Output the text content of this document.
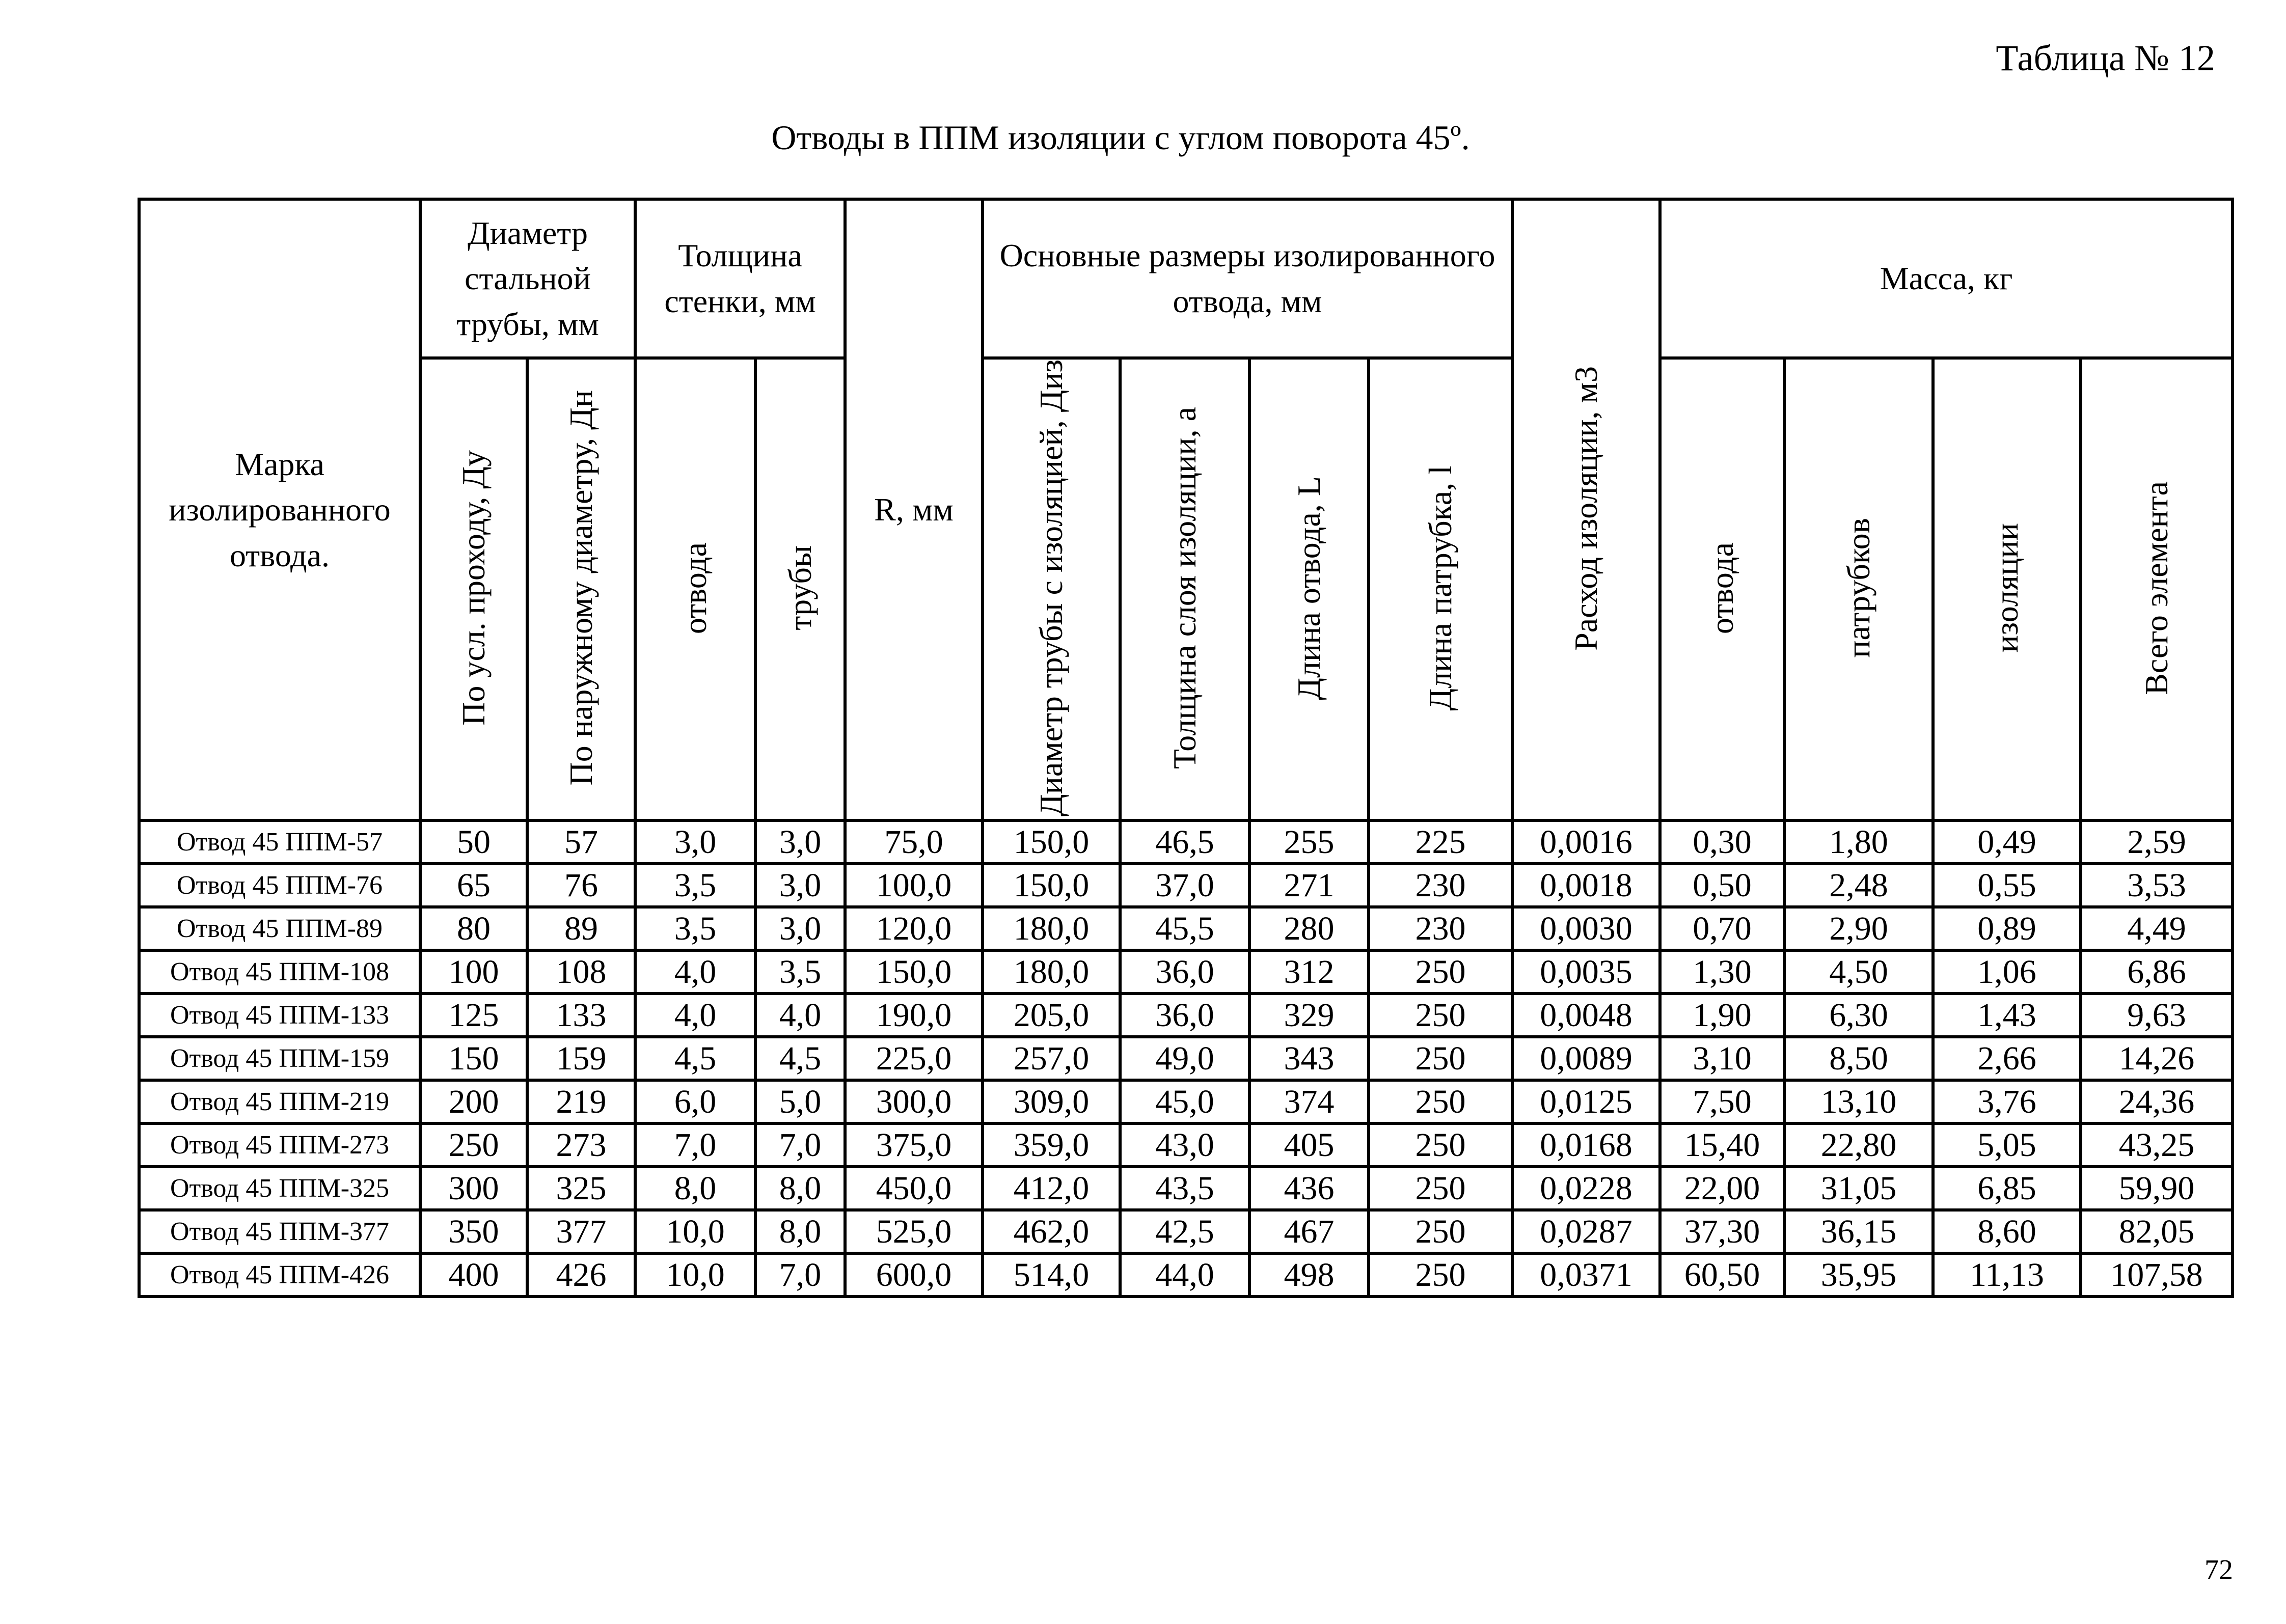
Таблица № 12
Отводы в ППМ изоляции с углом поворота 45º.
Марка изолированного отвода.	Диаметр стальной трубы, мм		Толщина стенки, мм		R, мм	Основные размеры изолированного отвода, мм				Расход изоляции, м3	Масса, кг			
	По усл. проходу, Ду	По наружному диаметру, Дн	отвода	трубы		Диаметр трубы с изоляцией, Диз	Толщина слоя изоляции, а	Длина отвода, L	Длина патрубка, l		отвода	патрубков	изоляции	Всего элемента
Отвод 45 ППМ-57	50	57	3,0	3,0	75,0	150,0	46,5	255	225	0,0016	0,30	1,80	0,49	2,59
Отвод 45 ППМ-76	65	76	3,5	3,0	100,0	150,0	37,0	271	230	0,0018	0,50	2,48	0,55	3,53
Отвод 45 ППМ-89	80	89	3,5	3,0	120,0	180,0	45,5	280	230	0,0030	0,70	2,90	0,89	4,49
Отвод 45 ППМ-108	100	108	4,0	3,5	150,0	180,0	36,0	312	250	0,0035	1,30	4,50	1,06	6,86
Отвод 45 ППМ-133	125	133	4,0	4,0	190,0	205,0	36,0	329	250	0,0048	1,90	6,30	1,43	9,63
Отвод 45 ППМ-159	150	159	4,5	4,5	225,0	257,0	49,0	343	250	0,0089	3,10	8,50	2,66	14,26
Отвод 45 ППМ-219	200	219	6,0	5,0	300,0	309,0	45,0	374	250	0,0125	7,50	13,10	3,76	24,36
Отвод 45 ППМ-273	250	273	7,0	7,0	375,0	359,0	43,0	405	250	0,0168	15,40	22,80	5,05	43,25
Отвод 45 ППМ-325	300	325	8,0	8,0	450,0	412,0	43,5	436	250	0,0228	22,00	31,05	6,85	59,90
Отвод 45 ППМ-377	350	377	10,0	8,0	525,0	462,0	42,5	467	250	0,0287	37,30	36,15	8,60	82,05
Отвод 45 ППМ-426	400	426	10,0	7,0	600,0	514,0	44,0	498	250	0,0371	60,50	35,95	11,13	107,58
72
